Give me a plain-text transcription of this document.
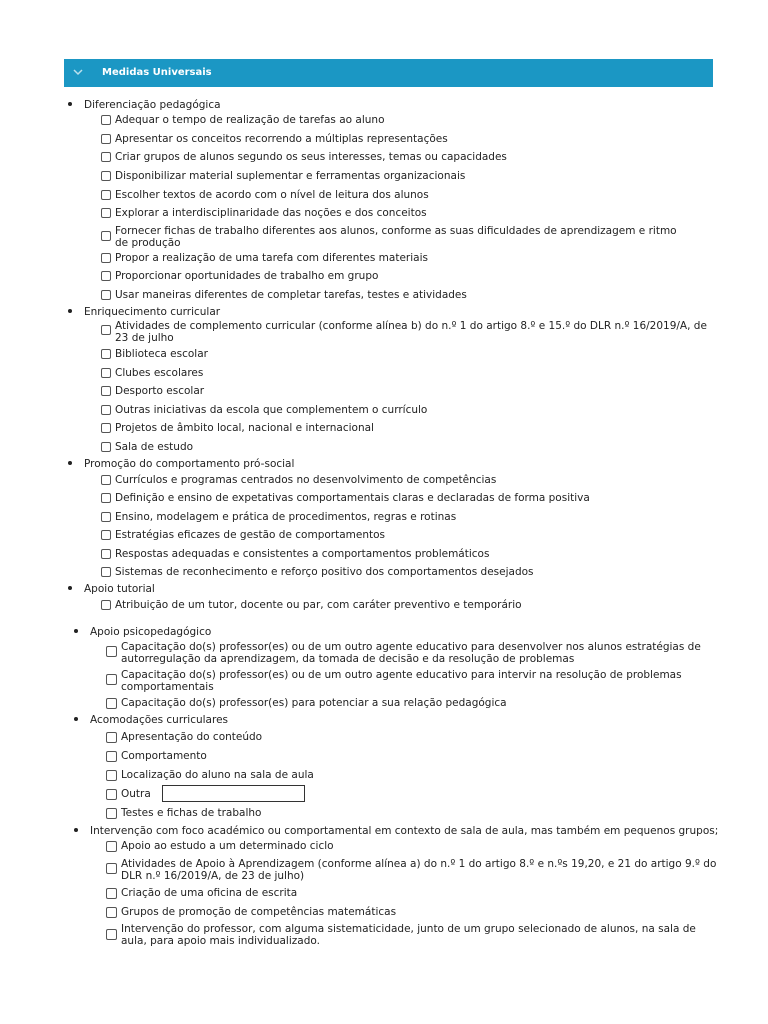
Medidas Universais
Diferenciação pedagógica
Adequar o tempo de realização de tarefas ao aluno
Apresentar os conceitos recorrendo a múltiplas representações
Criar grupos de alunos segundo os seus interesses, temas ou capacidades
Disponibilizar material suplementar e ferramentas organizacionais
Escolher textos de acordo com o nível de leitura dos alunos
Explorar a interdisciplinaridade das noções e dos conceitos
Fornecer fichas de trabalho diferentes aos alunos, conforme as suas dificuldades de aprendizagem e ritmo de produção
Propor a realização de uma tarefa com diferentes materiais
Proporcionar oportunidades de trabalho em grupo
Usar maneiras diferentes de completar tarefas, testes e atividades
Enriquecimento curricular
Atividades de complemento curricular (conforme alínea b) do n.º 1 do artigo 8.º e 15.º do DLR n.º 16/2019/A, de 23 de julho
Biblioteca escolar
Clubes escolares
Desporto escolar
Outras iniciativas da escola que complementem o currículo
Projetos de âmbito local, nacional e internacional
Sala de estudo
Promoção do comportamento pró-social
Currículos e programas centrados no desenvolvimento de competências
Definição e ensino de expetativas comportamentais claras e declaradas de forma positiva
Ensino, modelagem e prática de procedimentos, regras e rotinas
Estratégias eficazes de gestão de comportamentos
Respostas adequadas e consistentes a comportamentos problemáticos
Sistemas de reconhecimento e reforço positivo dos comportamentos desejados
Apoio tutorial
Atribuição de um tutor, docente ou par, com caráter preventivo e temporário
Apoio psicopedagógico
Capacitação do(s) professor(es) ou de um outro agente educativo para desenvolver nos alunos estratégias de autorregulação da aprendizagem, da tomada de decisão e da resolução de problemas
Capacitação do(s) professor(es) ou de um outro agente educativo para intervir na resolução de problemas comportamentais
Capacitação do(s) professor(es) para potenciar a sua relação pedagógica
Acomodações curriculares
Apresentação do conteúdo
Comportamento
Localização do aluno na sala de aula
Outra
Testes e fichas de trabalho
Intervenção com foco académico ou comportamental em contexto de sala de aula, mas também em pequenos grupos;
Apoio ao estudo a um determinado ciclo
Atividades de Apoio à Aprendizagem (conforme alínea a) do n.º 1 do artigo 8.º e n.ºs 19,20, e 21 do artigo 9.º do DLR n.º 16/2019/A, de 23 de julho)
Criação de uma oficina de escrita
Grupos de promoção de competências matemáticas
Intervenção do professor, com alguma sistematicidade, junto de um grupo selecionado de alunos, na sala de aula, para apoio mais individualizado.
